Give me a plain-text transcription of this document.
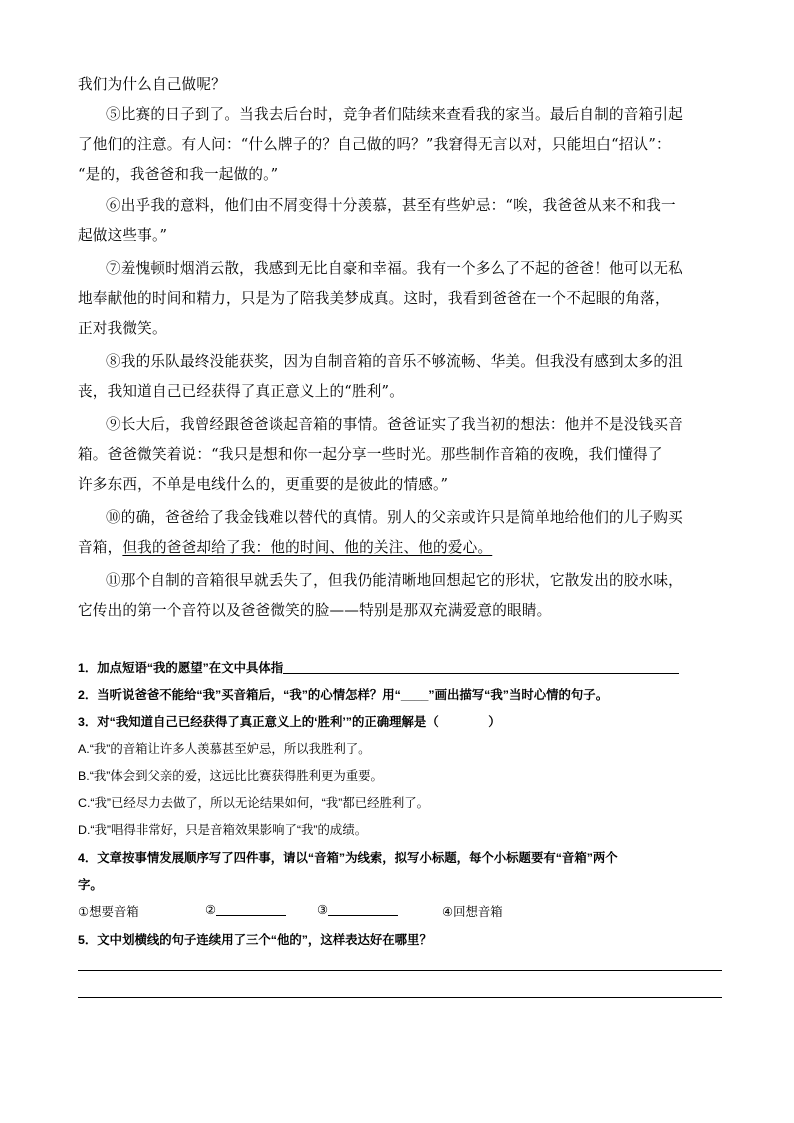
我们为什么自己做呢？
⑤比赛的日子到了。当我去后台时，竞争者们陆续来查看我的家当。最后自制的音箱引起
了他们的注意。有人问：“什么牌子的？自己做的吗？”我窘得无言以对，只能坦白“招认”：
“是的，我爸爸和我一起做的。”
⑥出乎我的意料，他们由不屑变得十分羡慕，甚至有些妒忌：“唉，我爸爸从来不和我一
起做这些事。”
⑦羞愧顿时烟消云散，我感到无比自豪和幸福。我有一个多么了不起的爸爸！他可以无私
地奉献他的时间和精力，只是为了陪我美梦成真。这时，我看到爸爸在一个不起眼的角落，
正对我微笑。
⑧我的乐队最终没能获奖，因为自制音箱的音乐不够流畅、华美。但我没有感到太多的沮
丧，我知道自己已经获得了真正意义上的“胜利”。
⑨长大后，我曾经跟爸爸谈起音箱的事情。爸爸证实了我当初的想法：他并不是没钱买音
箱。爸爸微笑着说：“我只是想和你一起分享一些时光。那些制作音箱的夜晚，我们懂得了
许多东西，不单是电线什么的，更重要的是彼此的情感。”
⑩的确，爸爸给了我金钱难以替代的真情。别人的父亲或许只是简单地给他们的儿子购买
音箱，但我的爸爸却给了我：他的时间、他的关注、他的爱心。
⑪那个自制的音箱很早就丢失了，但我仍能清晰地回想起它的形状，它散发出的胶水味，
它传出的第一个音符以及爸爸微笑的脸——特别是那双充满爱意的眼睛。
1．加点短语“我的愿望”在文中具体指
2．当听说爸爸不能给“我”买音箱后，“我”的心情怎样？用“____”画出描写“我”当时心情的句子。
3．对“我知道自己已经获得了真正意义上的‘胜利’”的正确理解是（　　　　）
A.“我”的音箱让许多人羡慕甚至妒忌，所以我胜利了。
B.“我”体会到父亲的爱，这远比比赛获得胜利更为重要。
C.“我”已经尽力去做了，所以无论结果如何，“我”都已经胜利了。
D.“我”唱得非常好，只是音箱效果影响了“我”的成绩。
4．文章按事情发展顺序写了四件事，请以“音箱”为线索，拟写小标题，每个小标题要有“音箱”两个
字。
①想要音箱	②	③	④回想音箱
5．文中划横线的句子连续用了三个“他的”，这样表达好在哪里？
